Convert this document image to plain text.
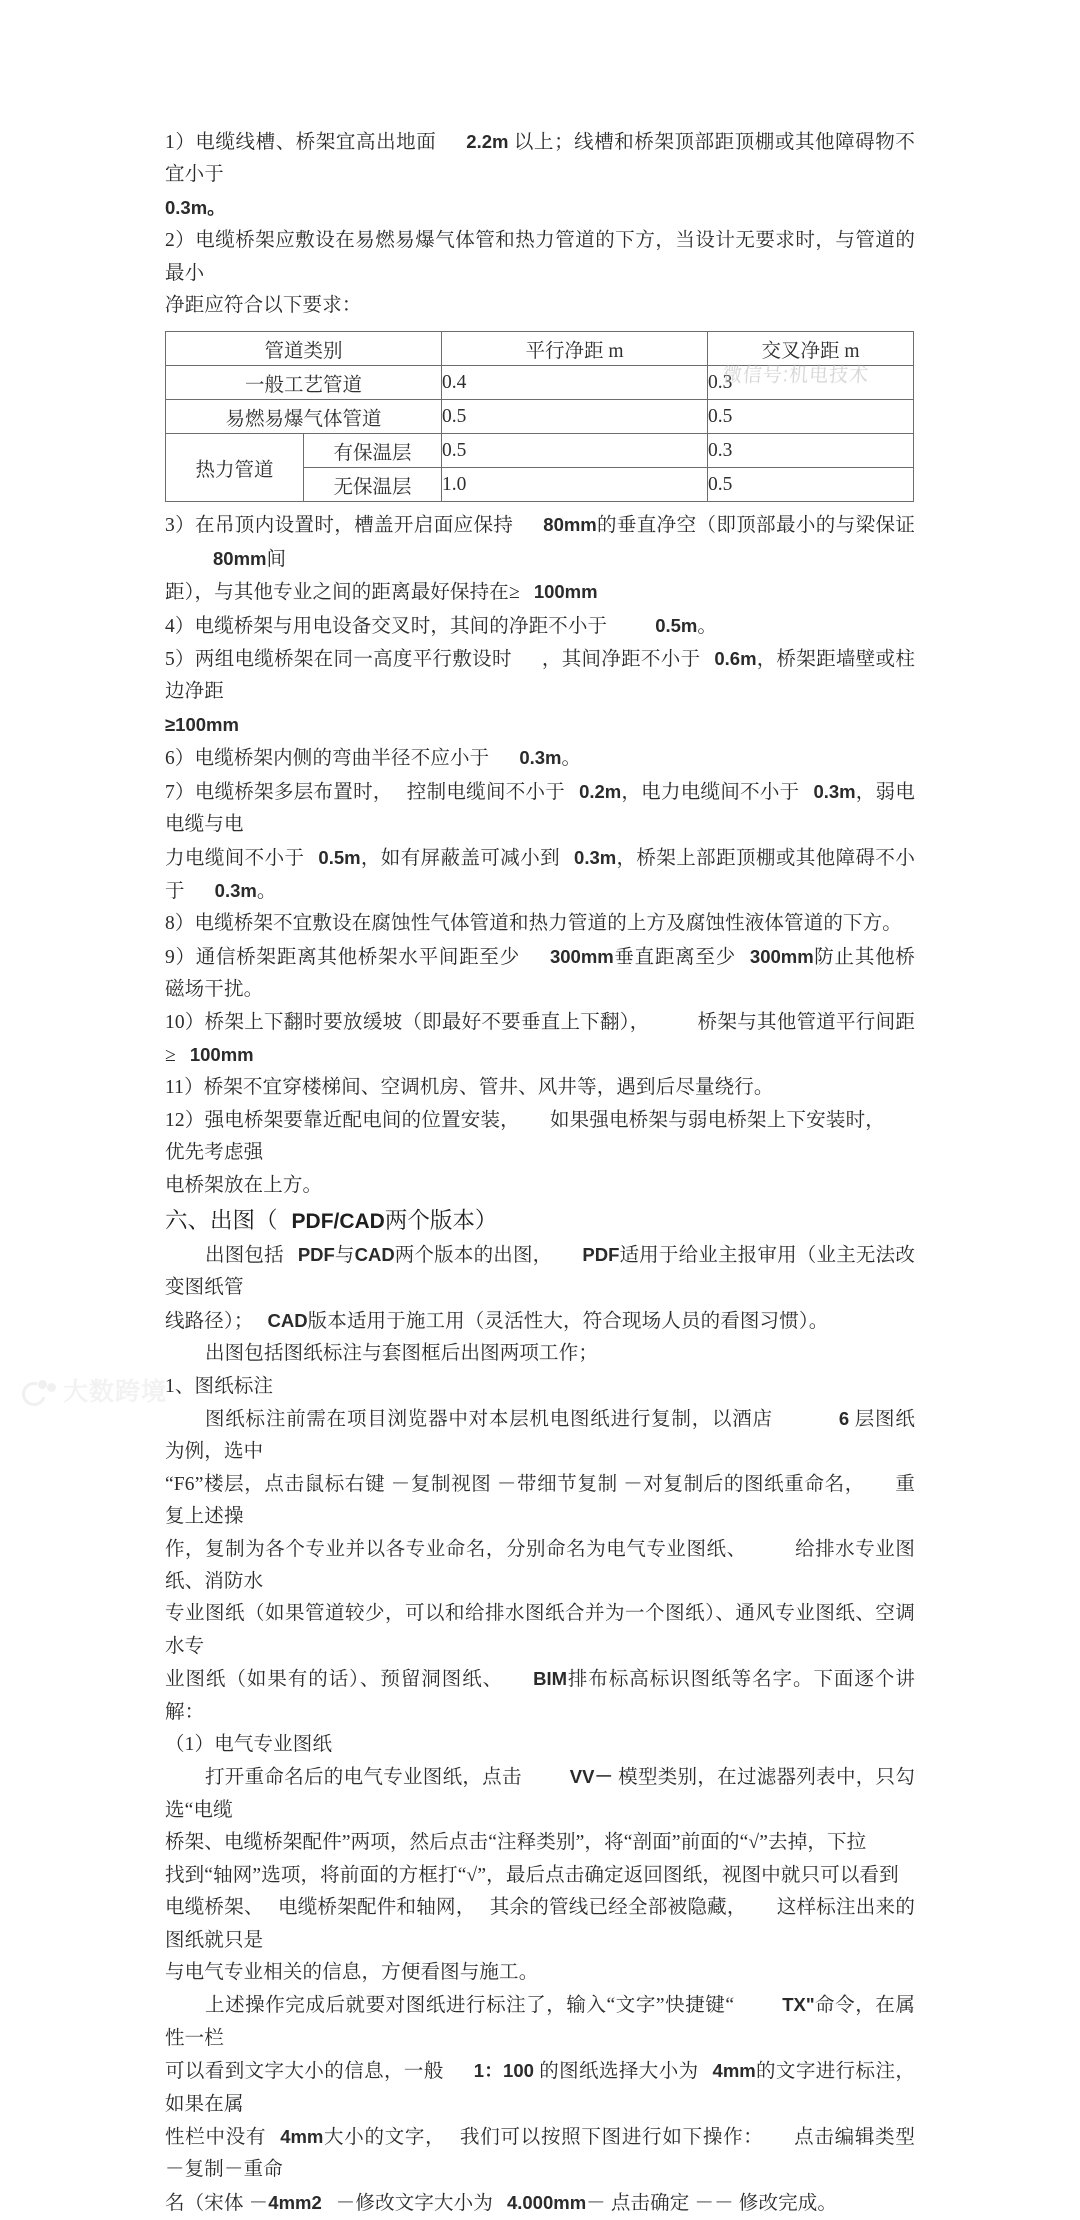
1）电缆线槽、桥架宜高出地面 2.2m 以上；线槽和桥架顶部距顶棚或其他障碍物不宜小于

0.3m。

2）电缆桥架应敷设在易燃易爆气体管和热力管道的下方，当设计无要求时，与管道的最小

净距应符合以下要求：

管道类别		平行净距 m	交叉净距 m
一般工艺管道		0.4	0.3
易燃易爆气体管道		0.5	0.5
热力管道	有保温层	0.5	0.3
	无保温层	1.0	0.5

3）在吊顶内设置时，槽盖开启面应保持 80mm的垂直净空（即顶部最小的与梁保证80mm间

距），与其他专业之间的距离最好保持在≥ 100mm

4）电缆桥架与用电设备交叉时，其间的净距不小于	0.5m。

5）两组电缆桥架在同一高度平行敷设时 ，其间净距不小于 0.6m，桥架距墙壁或柱边净距

≥100mm

6）电缆桥架内侧的弯曲半径不应小于 0.3m。

7）电缆桥架多层布置时， 控制电缆间不小于 0.2m，电力电缆间不小于 0.3m，弱电电缆与电

力电缆间不小于 0.5m，如有屏蔽盖可减小到 0.3m，桥架上部距顶棚或其他障碍不小于 0.3m。

8）电缆桥架不宜敷设在腐蚀性气体管道和热力管道的上方及腐蚀性液体管道的下方。

9）通信桥架距离其他桥架水平间距至少 300mm垂直距离至少 300mm防止其他桥磁场干扰。

10）桥架上下翻时要放缓坡（即最好不要垂直上下翻）， 桥架与其他管道平行间距≥ 100mm

11）桥架不宜穿楼梯间、空调机房、管井、风井等，遇到后尽量绕行。

12）强电桥架要靠近配电间的位置安装， 如果强电桥架与弱电桥架上下安装时，优先考虑强

电桥架放在上方。

六、出图（ PDF/CAD两个版本）

出图包括 PDF与CAD两个版本的出图， PDF适用于给业主报审用（业主无法改变图纸管

线路径）； CAD版本适用于施工用（灵活性大，符合现场人员的看图习惯）。

出图包括图纸标注与套图框后出图两项工作；

1、图纸标注

图纸标注前需在项目浏览器中对本层机电图纸进行复制，以酒店	6 层图纸为例，选中

“F6”楼层，点击鼠标右键 －复制视图 －带细节复制 －对复制后的图纸重命名， 重复上述操

作，复制为各个专业并以各专业命名，分别命名为电气专业图纸、 给排水专业图纸、消防水

专业图纸（如果管道较少，可以和给排水图纸合并为一个图纸）、通风专业图纸、空调水专

业图纸（如果有的话）、预留洞图纸、 BIM排布标高标识图纸等名字。下面逐个讲解：

（1）电气专业图纸

打开重命名后的电气专业图纸，点击	VV－ 模型类别，在过滤器列表中，只勾选“电缆

桥架、电缆桥架配件”两项，然后点击“注释类别”，将“剖面”前面的“√”去掉，下拉

找到“轴网”选项，将前面的方框打“√”，最后点击确定返回图纸，视图中就只可以看到

电缆桥架、 电缆桥架配件和轴网， 其余的管线已经全部被隐藏， 这样标注出来的图纸就只是

与电气专业相关的信息，方便看图与施工。

上述操作完成后就要对图纸进行标注了，输入“文字”快捷键“	TX"命令，在属性一栏

可以看到文字大小的信息，一般 1：100 的图纸选择大小为 4mm的文字进行标注，如果在属

性栏中没有 4mm大小的文字， 我们可以按照下图进行如下操作： 点击编辑类型 －复制－重命

名（宋体 －4mm2 －修改文字大小为 4.000mm－ 点击确定 －－ 修改完成。

微信号:机电技术
大数跨境
